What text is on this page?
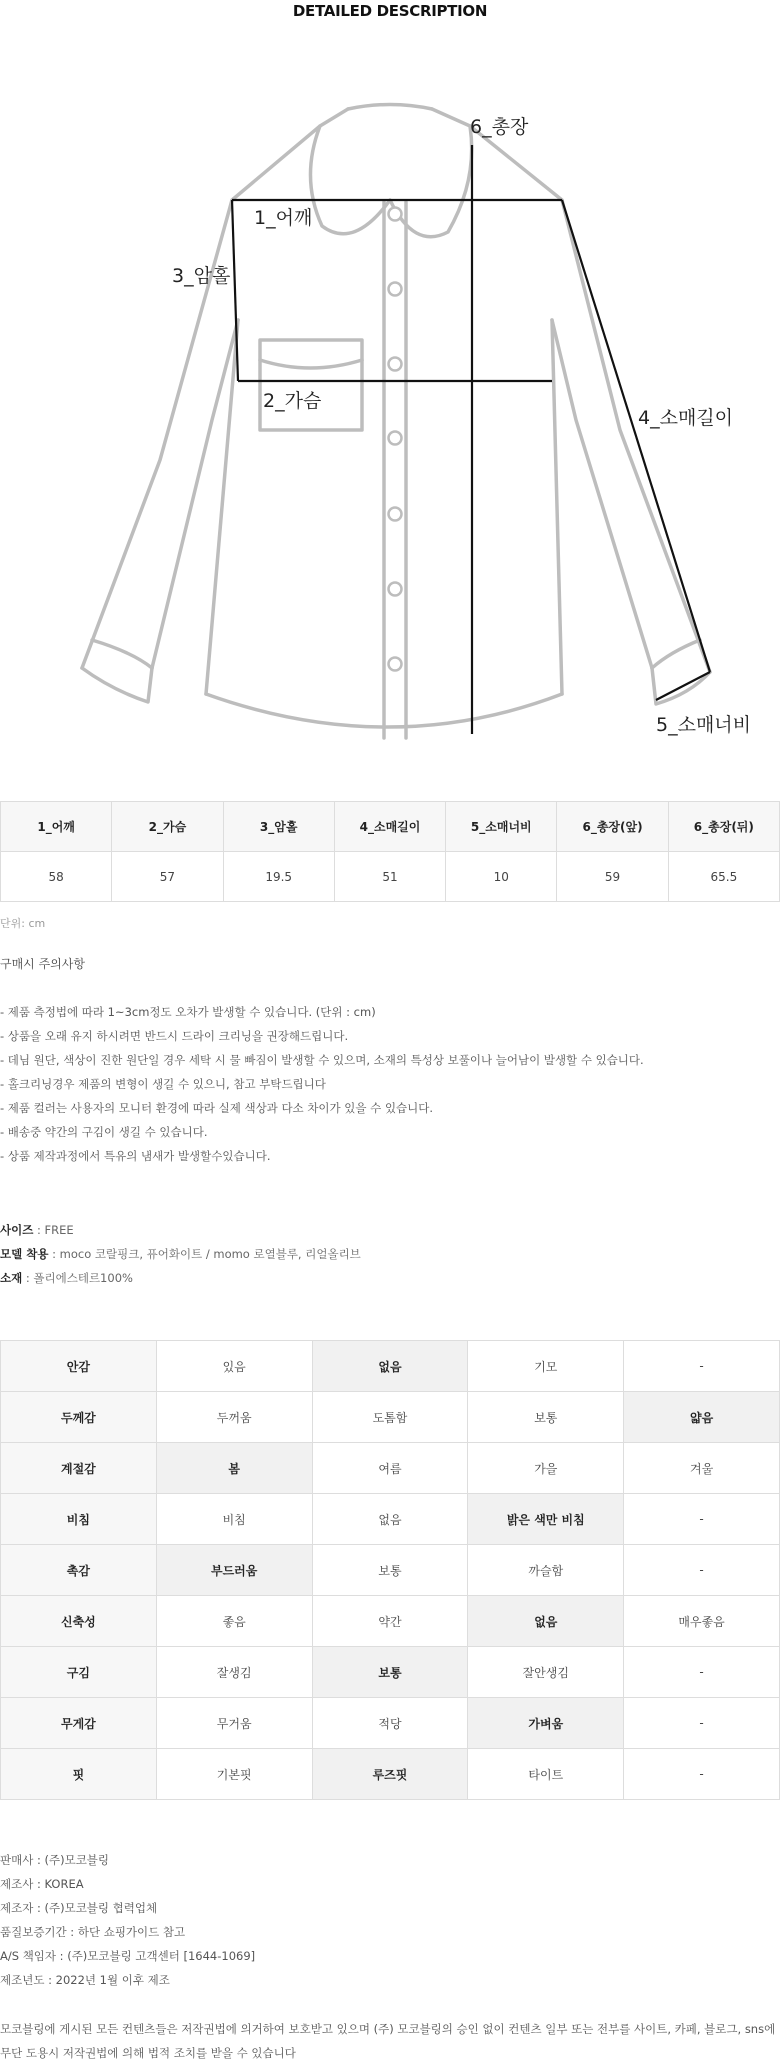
DETAILED DESCRIPTION
1_어깨
2_가슴
3_암홀
4_소매길이
5_소매너비
6_총장
1_어깨	2_가슴	3_암홀	4_소매길이	5_소매너비	6_총장(앞)	6_총장(뒤)
58	57	19.5	51	10	59	65.5
단위: cm
구매시 주의사항
- 제품 측정법에 따라 1~3cm정도 오차가 발생할 수 있습니다. (단위 : cm)
- 상품을 오래 유지 하시려면 반드시 드라이 크리닝을 권장해드립니다.
- 데님 원단, 색상이 진한 원단일 경우 세탁 시 물 빠짐이 발생할 수 있으며, 소재의 특성상 보풀이나 늘어남이 발생할 수 있습니다.
- 홀크리닝경우 제품의 변형이 생길 수 있으니, 참고 부탁드립니다
- 제품 컬러는 사용자의 모니터 환경에 따라 실제 색상과 다소 차이가 있을 수 있습니다.
- 배송중 약간의 구김이 생길 수 있습니다.
- 상품 제작과정에서 특유의 냄새가 발생할수있습니다.
사이즈 : FREE
모델 착용 : moco 코랄핑크, 퓨어화이트 / momo 로열블루, 리얼올리브
소재 : 폴리에스테르100%
안감	있음	없음	기모	-
두께감	두꺼움	도톰함	보통	얇음
계절감	봄	여름	가을	겨울
비침	비침	없음	밝은 색만 비침	-
촉감	부드러움	보통	까슬함	-
신축성	좋음	약간	없음	매우좋음
구김	잘생김	보통	잘안생김	-
무게감	무거움	적당	가벼움	-
핏	기본핏	루즈핏	타이트	-
판매사 : (주)모코블링
제조사 : KOREA
제조자 : (주)모코블링 협력업체
품질보증기간 : 하단 쇼핑가이드 참고
A/S 책임자 : (주)모코블링 고객센터 [1644-1069]
제조년도 : 2022년 1월 이후 제조
모코블링에 게시된 모든 컨텐츠들은 저작권법에 의거하여 보호받고 있으며 (주) 모코블링의 승인 없이 컨텐츠 일부 또는 전부를 사이트, 카페, 블로그, sns에 무단 도용시 저작권법에 의해 법적 조치를 받을 수 있습니다
